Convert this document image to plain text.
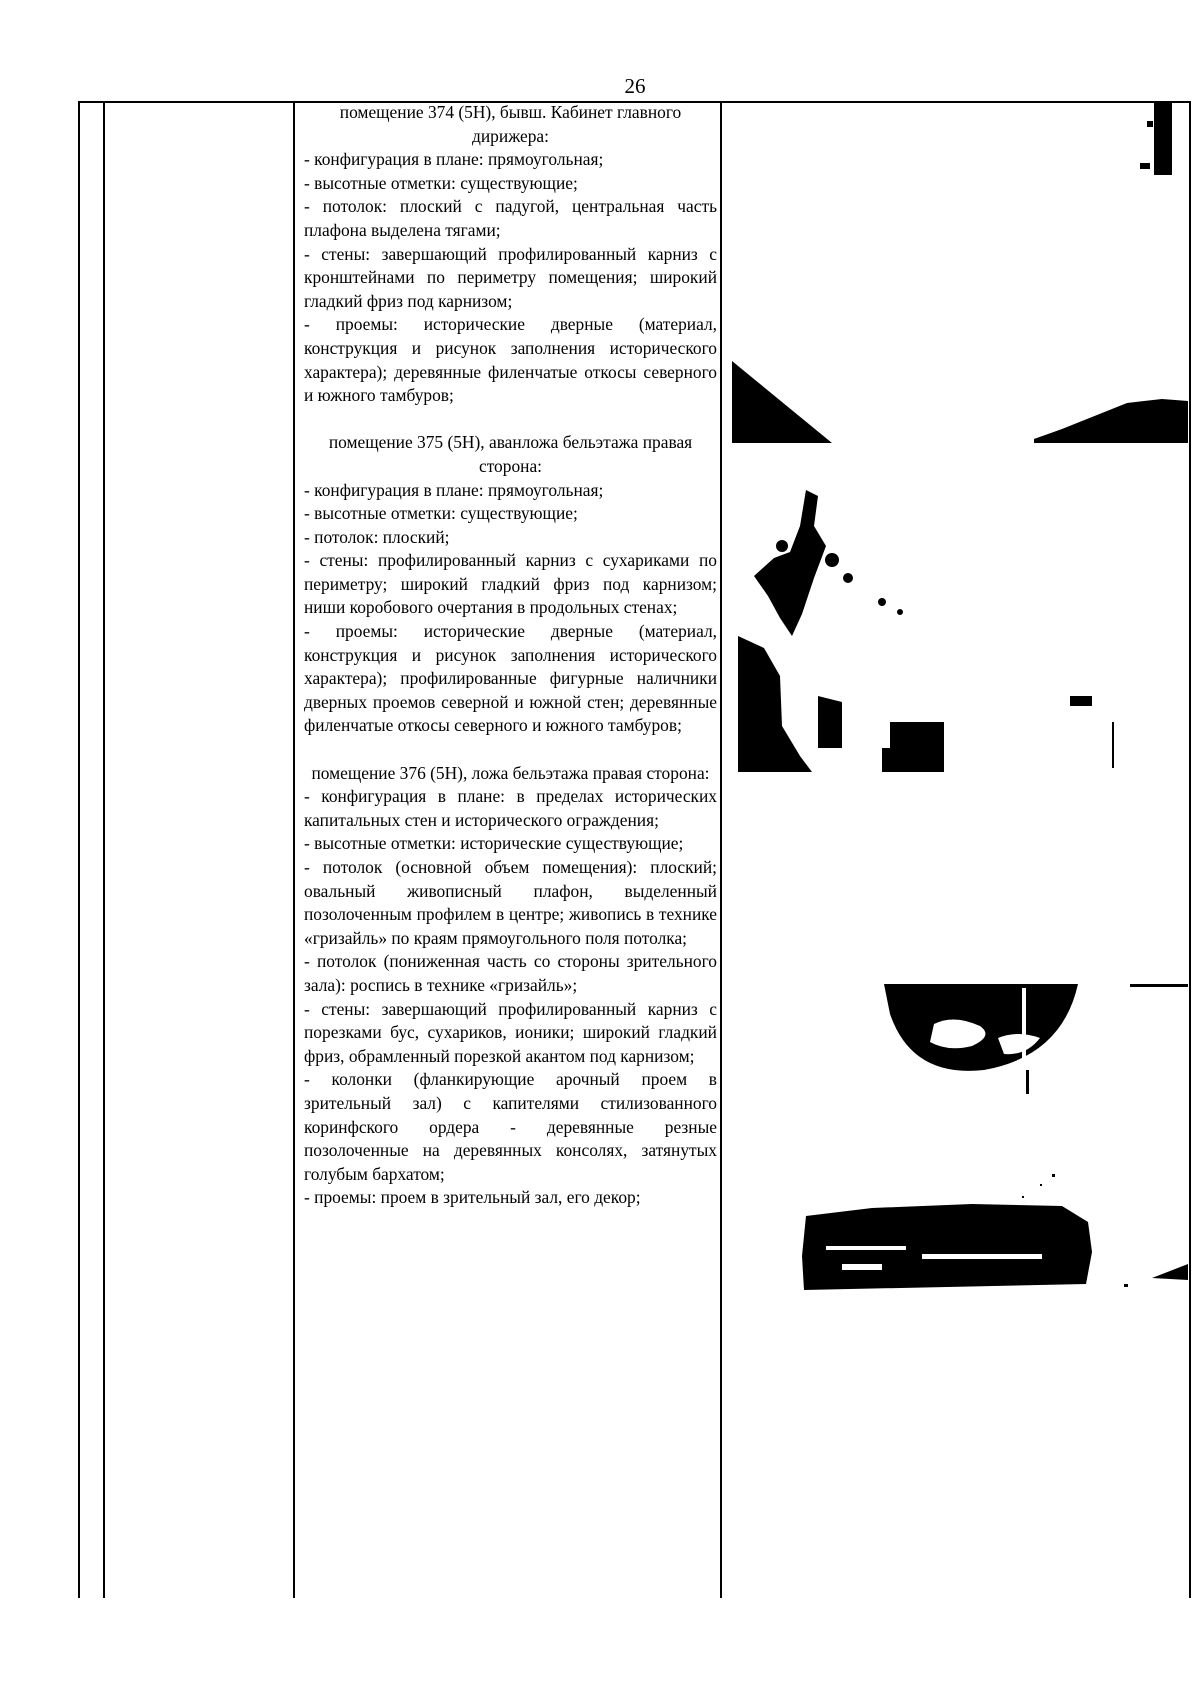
26
помещение 374 (5Н), бывш. Кабинет главного дирижера:
- конфигурация в плане: прямоугольная;
- высотные отметки: существующие;
- потолок: плоский с падугой, центральная часть плафона выделена тягами;
- стены: завершающий профилированный карниз с кронштейнами по периметру помещения; широкий гладкий фриз под карнизом;
- проемы: исторические дверные (материал, конструкция и рисунок заполнения исторического характера); деревянные филенчатые откосы северного и южного тамбуров;
помещение 375 (5Н), аванложа бельэтажа правая сторона:
- конфигурация в плане: прямоугольная;
- высотные отметки: существующие;
- потолок: плоский;
- стены: профилированный карниз с сухариками по периметру; широкий гладкий фриз под карнизом; ниши коробового очертания в продольных стенах;
- проемы: исторические дверные (материал, конструкция и рисунок заполнения исторического характера); профилированные фигурные наличники дверных проемов северной и южной стен; деревянные филенчатые откосы северного и южного тамбуров;
помещение 376 (5Н), ложа бельэтажа правая сторона:
- конфигурация в плане: в пределах исторических капитальных стен и исторического ограждения;
- высотные отметки: исторические существующие;
- потолок (основной объем помещения): плоский; овальный живописный плафон, выделенный позолоченным профилем в центре; живопись в технике «гризайль» по краям прямоугольного поля потолка;
- потолок (пониженная часть со стороны зрительного зала): роспись в технике «гризайль»;
- стены: завершающий профилированный карниз с порезками бус, сухариков, ионики; широкий гладкий фриз, обрамленный порезкой акантом под карнизом;
- колонки (фланкирующие арочный проем в зрительный зал) с капителями стилизованного коринфского ордера - деревянные резные позолоченные на деревянных консолях, затянутых голубым бархатом;
- проемы: проем в зрительный зал, его декор;
